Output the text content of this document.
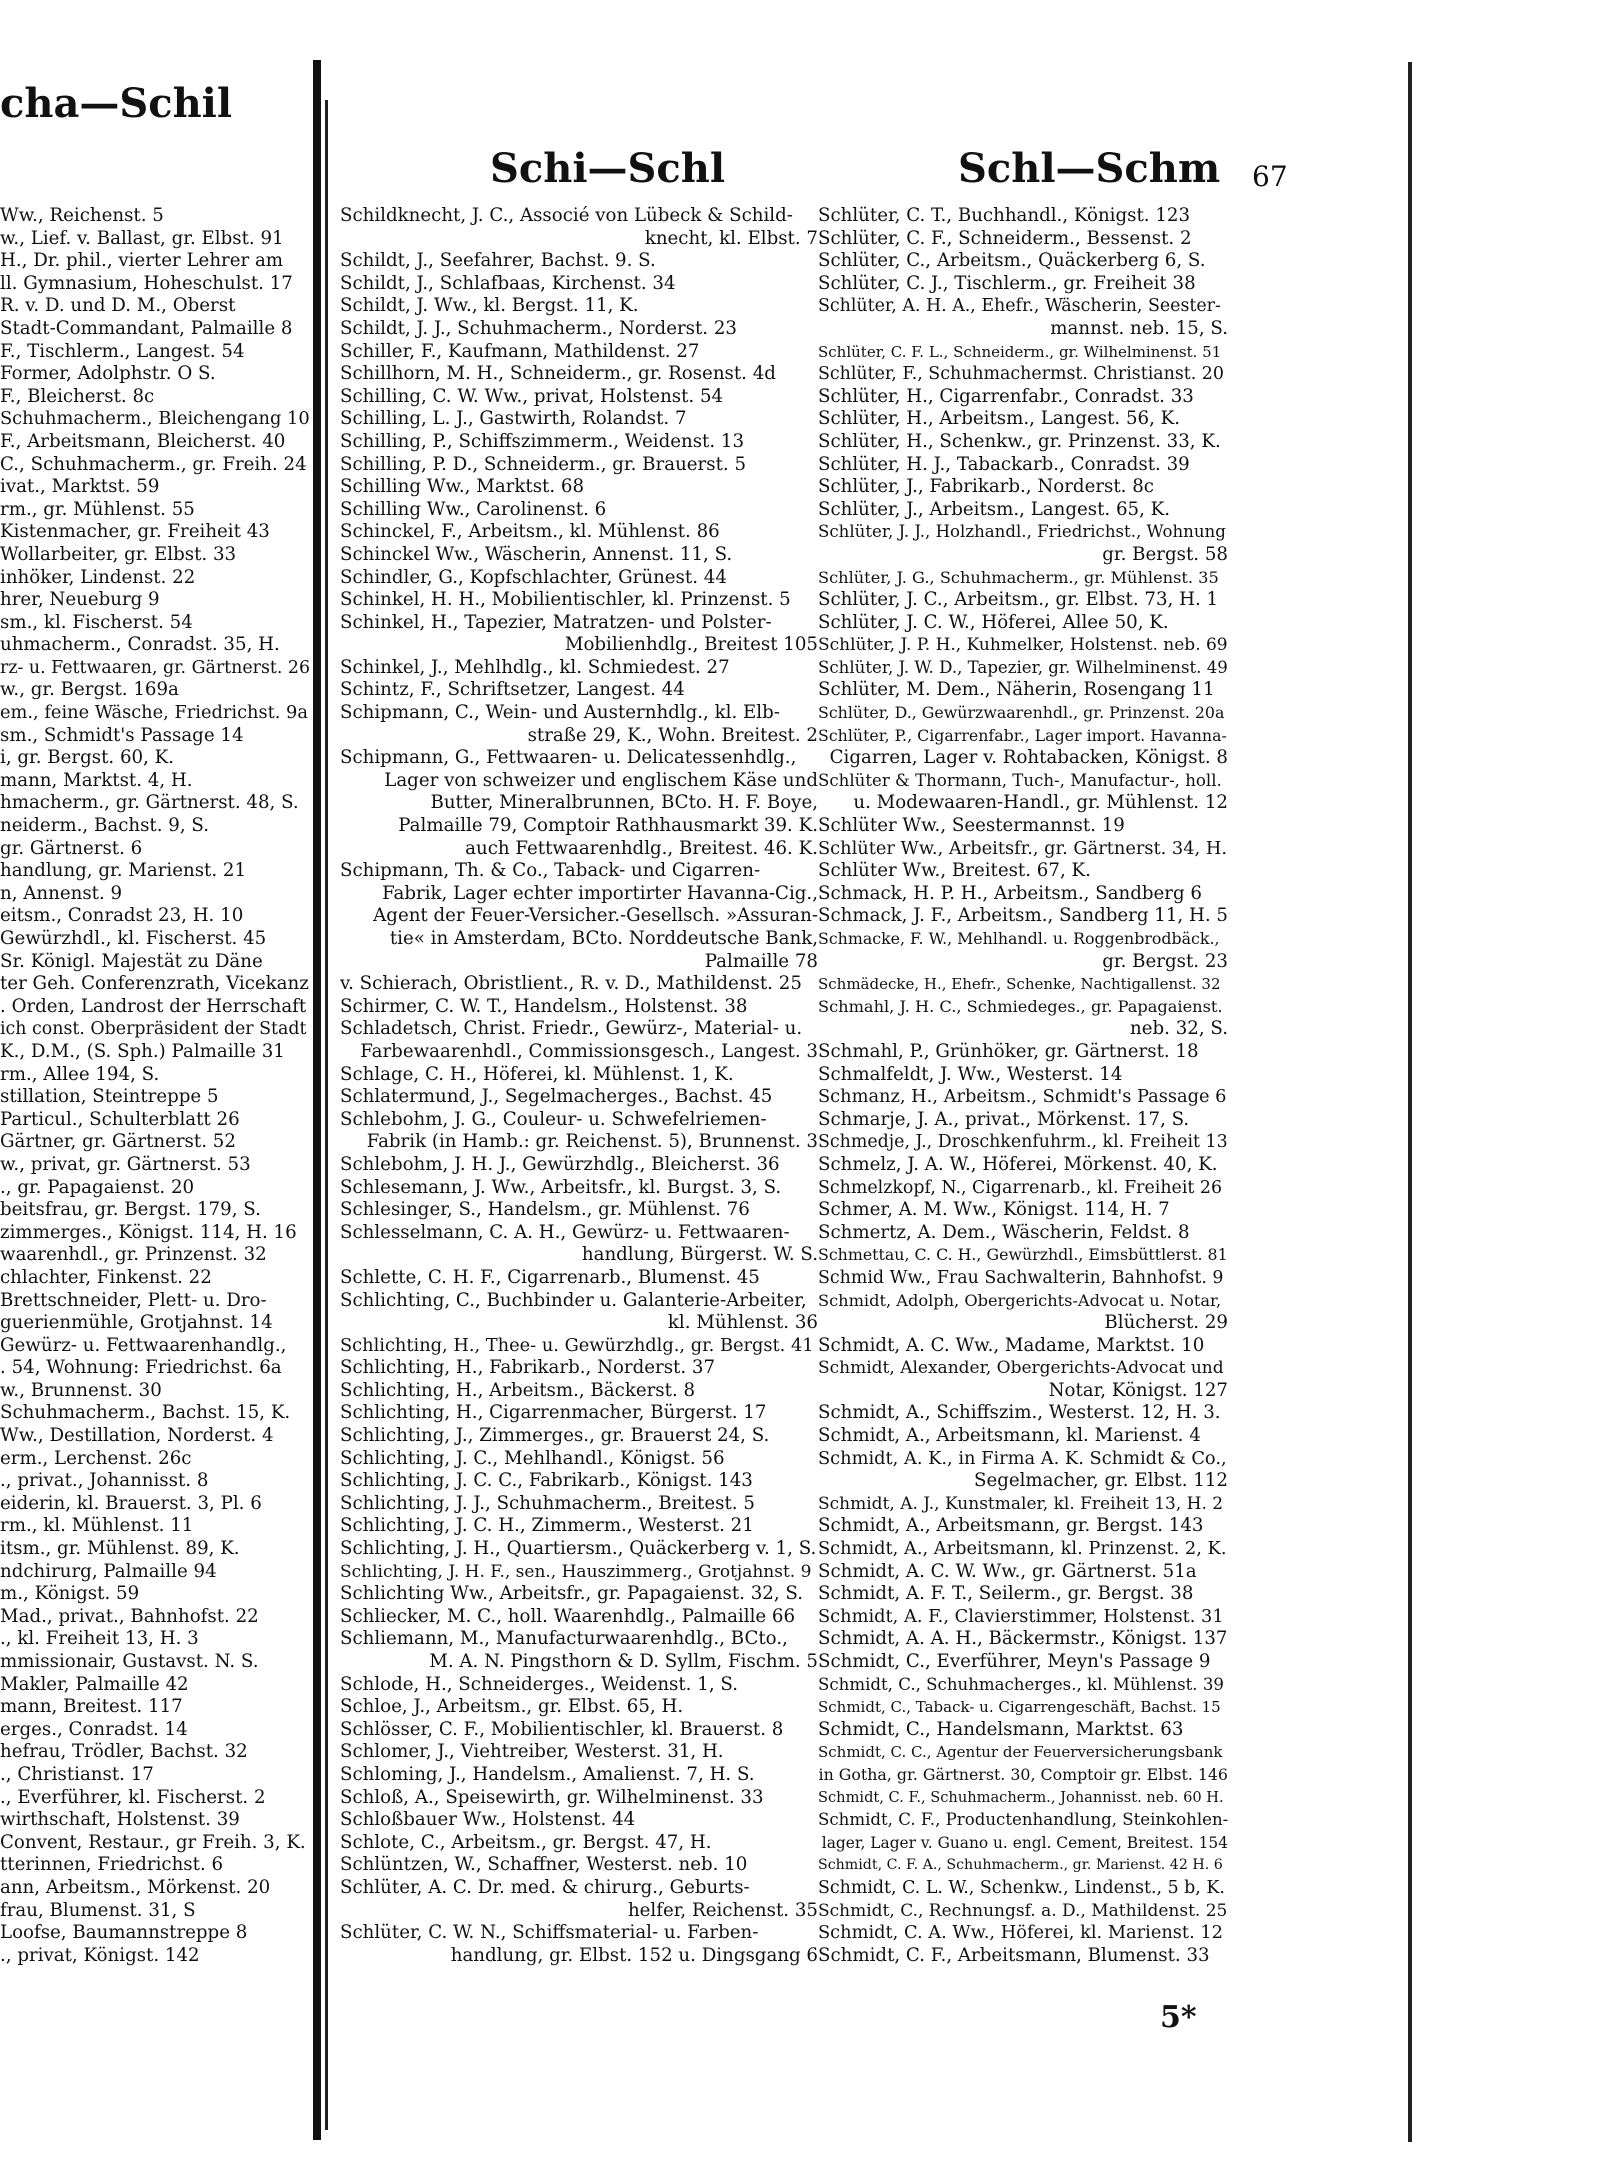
cha—Schil
Ww., Reichenst. 5
w., Lief. v. Ballast, gr. Elbst. 91
H., Dr. phil., vierter Lehrer am
ll. Gymnasium, Hoheschulst. 17
R. v. D. und D. M., Oberst
Stadt-Commandant, Palmaille 8
F., Tischlerm., Langest. 54
Former, Adolphstr. O S.
F., Bleicherst. 8c
Schuhmacherm., Bleichengang 10
F., Arbeitsmann, Bleicherst. 40
C., Schuhmacherm., gr. Freih. 24
ivat., Marktst. 59
rm., gr. Mühlenst. 55
Kistenmacher, gr. Freiheit 43
Wollarbeiter, gr. Elbst. 33
inhöker, Lindenst. 22
hrer, Neueburg 9
sm., kl. Fischerst. 54
uhmacherm., Conradst. 35, H.
rz- u. Fettwaaren, gr. Gärtnerst. 26
w., gr. Bergst. 169a
em., feine Wäsche, Friedrichst. 9a
sm., Schmidt's Passage 14
i, gr. Bergst. 60, K.
mann, Marktst. 4, H.
hmacherm., gr. Gärtnerst. 48, S.
neiderm., Bachst. 9, S.
gr. Gärtnerst. 6
handlung, gr. Marienst. 21
n, Annenst. 9
eitsm., Conradst 23, H. 10
Gewürzhdl., kl. Fischerst. 45
Sr. Königl. Majestät zu Däne
ter Geh. Conferenzrath, Vicekanz
. Orden, Landrost der Herrschaft
ich const. Oberpräsident der Stadt
K., D.M., (S. Sph.) Palmaille 31
rm., Allee 194, S.
stillation, Steintreppe 5
Particul., Schulterblatt 26
Gärtner, gr. Gärtnerst. 52
w., privat, gr. Gärtnerst. 53
., gr. Papagaienst. 20
beitsfrau, gr. Bergst. 179, S.
zimmerges., Königst. 114, H. 16
waarenhdl., gr. Prinzenst. 32
chlachter, Finkenst. 22
Brettschneider, Plett- u. Dro-
guerienmühle, Grotjahnst. 14
Gewürz- u. Fettwaarenhandlg.,
. 54, Wohnung: Friedrichst. 6a
w., Brunnenst. 30
Schuhmacherm., Bachst. 15, K.
Ww., Destillation, Norderst. 4
erm., Lerchenst. 26c
., privat., Johannisst. 8
eiderin, kl. Brauerst. 3, Pl. 6
rm., kl. Mühlenst. 11
itsm., gr. Mühlenst. 89, K.
ndchirurg, Palmaille 94
m., Königst. 59
Mad., privat., Bahnhofst. 22
., kl. Freiheit 13, H. 3
mmissionair, Gustavst. N. S.
Makler, Palmaille 42
mann, Breitest. 117
erges., Conradst. 14
hefrau, Trödler, Bachst. 32
., Christianst. 17
., Everführer, kl. Fischerst. 2
wirthschaft, Holstenst. 39
Convent, Restaur., gr Freih. 3, K.
tterinnen, Friedrichst. 6
ann, Arbeitsm., Mörkenst. 20
frau, Blumenst. 31, S
Loofse, Baumannstreppe 8
., privat, Königst. 142
Schi—Schl	Schl—Schm 67
Schildknecht, J. C., Associé von Lübeck & Schild-
knecht, kl. Elbst. 7
Schildt, J., Seefahrer, Bachst. 9. S.
Schildt, J., Schlafbaas, Kirchenst. 34
Schildt, J. Ww., kl. Bergst. 11, K.
Schildt, J. J., Schuhmacherm., Norderst. 23
Schiller, F., Kaufmann, Mathildenst. 27
Schillhorn, M. H., Schneiderm., gr. Rosenst. 4d
Schilling, C. W. Ww., privat, Holstenst. 54
Schilling, L. J., Gastwirth, Rolandst. 7
Schilling, P., Schiffszimmerm., Weidenst. 13
Schilling, P. D., Schneiderm., gr. Brauerst. 5
Schilling Ww., Marktst. 68
Schilling Ww., Carolinenst. 6
Schinckel, F., Arbeitsm., kl. Mühlenst. 86
Schinckel Ww., Wäscherin, Annenst. 11, S.
Schindler, G., Kopfschlachter, Grünest. 44
Schinkel, H. H., Mobilientischler, kl. Prinzenst. 5
Schinkel, H., Tapezier, Matratzen- und Polster-
Mobilienhdlg., Breitest 105
Schinkel, J., Mehlhdlg., kl. Schmiedest. 27
Schintz, F., Schriftsetzer, Langest. 44
Schipmann, C., Wein- und Austernhdlg., kl. Elb-
straße 29, K., Wohn. Breitest. 2
Schipmann, G., Fettwaaren- u. Delicatessenhdlg.,
Lager von schweizer und englischem Käse und
Butter, Mineralbrunnen, BCto. H. F. Boye,
Palmaille 79, Comptoir Rathhausmarkt 39. K.
auch Fettwaarenhdlg., Breitest. 46. K.
Schipmann, Th. & Co., Taback- und Cigarren-
Fabrik, Lager echter importirter Havanna-Cig.,
Agent der Feuer-Versicher.-Gesellsch. »Assuran-
tie« in Amsterdam, BCto. Norddeutsche Bank,
Palmaille 78
v. Schierach, Obristlient., R. v. D., Mathildenst. 25
Schirmer, C. W. T., Handelsm., Holstenst. 38
Schladetsch, Christ. Friedr., Gewürz-, Material- u.
Farbewaarenhdl., Commissionsgesch., Langest. 3
Schlage, C. H., Höferei, kl. Mühlenst. 1, K.
Schlatermund, J., Segelmacherges., Bachst. 45
Schlebohm, J. G., Couleur- u. Schwefelriemen-
Fabrik (in Hamb.: gr. Reichenst. 5), Brunnenst. 3
Schlebohm, J. H. J., Gewürzhdlg., Bleicherst. 36
Schlesemann, J. Ww., Arbeitsfr., kl. Burgst. 3, S.
Schlesinger, S., Handelsm., gr. Mühlenst. 76
Schlesselmann, C. A. H., Gewürz- u. Fettwaaren-
handlung, Bürgerst. W. S.
Schlette, C. H. F., Cigarrenarb., Blumenst. 45
Schlichting, C., Buchbinder u. Galanterie-Arbeiter,
kl. Mühlenst. 36
Schlichting, H., Thee- u. Gewürzhdlg., gr. Bergst. 41
Schlichting, H., Fabrikarb., Norderst. 37
Schlichting, H., Arbeitsm., Bäckerst. 8
Schlichting, H., Cigarrenmacher, Bürgerst. 17
Schlichting, J., Zimmerges., gr. Brauerst 24, S.
Schlichting, J. C., Mehlhandl., Königst. 56
Schlichting, J. C. C., Fabrikarb., Königst. 143
Schlichting, J. J., Schuhmacherm., Breitest. 5
Schlichting, J. C. H., Zimmerm., Westerst. 21
Schlichting, J. H., Quartiersm., Quäckerberg v. 1, S.
Schlichting, J. H. F., sen., Hauszimmerg., Grotjahnst. 9
Schlichting Ww., Arbeitsfr., gr. Papagaienst. 32, S.
Schliecker, M. C., holl. Waarenhdlg., Palmaille 66
Schliemann, M., Manufacturwaarenhdlg., BCto.,
M. A. N. Pingsthorn & D. Syllm, Fischm. 5
Schlode, H., Schneiderges., Weidenst. 1, S.
Schloe, J., Arbeitsm., gr. Elbst. 65, H.
Schlösser, C. F., Mobilientischler, kl. Brauerst. 8
Schlomer, J., Viehtreiber, Westerst. 31, H.
Schloming, J., Handelsm., Amalienst. 7, H. S.
Schloß, A., Speisewirth, gr. Wilhelminenst. 33
Schloßbauer Ww., Holstenst. 44
Schlote, C., Arbeitsm., gr. Bergst. 47, H.
Schlüntzen, W., Schaffner, Westerst. neb. 10
Schlüter, A. C. Dr. med. & chirurg., Geburts-
helfer, Reichenst. 35
Schlüter, C. W. N., Schiffsmaterial- u. Farben-
handlung, gr. Elbst. 152 u. Dingsgang 6
Schlüter, C. T., Buchhandl., Königst. 123
Schlüter, C. F., Schneiderm., Bessenst. 2
Schlüter, C., Arbeitsm., Quäckerberg 6, S.
Schlüter, C. J., Tischlerm., gr. Freiheit 38
Schlüter, A. H. A., Ehefr., Wäscherin, Seester-
mannst. neb. 15, S.
Schlüter, C. F. L., Schneiderm., gr. Wilhelminenst. 51
Schlüter, F., Schuhmachermst. Christianst. 20
Schlüter, H., Cigarrenfabr., Conradst. 33
Schlüter, H., Arbeitsm., Langest. 56, K.
Schlüter, H., Schenkw., gr. Prinzenst. 33, K.
Schlüter, H. J., Tabackarb., Conradst. 39
Schlüter, J., Fabrikarb., Norderst. 8c
Schlüter, J., Arbeitsm., Langest. 65, K.
Schlüter, J. J., Holzhandl., Friedrichst., Wohnung
gr. Bergst. 58
Schlüter, J. G., Schuhmacherm., gr. Mühlenst. 35
Schlüter, J. C., Arbeitsm., gr. Elbst. 73, H. 1
Schlüter, J. C. W., Höferei, Allee 50, K.
Schlüter, J. P. H., Kuhmelker, Holstenst. neb. 69
Schlüter, J. W. D., Tapezier, gr. Wilhelminenst. 49
Schlüter, M. Dem., Näherin, Rosengang 11
Schlüter, D., Gewürzwaarenhdl., gr. Prinzenst. 20a
Schlüter, P., Cigarrenfabr., Lager import. Havanna-
Cigarren, Lager v. Rohtabacken, Königst. 8
Schlüter & Thormann, Tuch-, Manufactur-, holl.
u. Modewaaren-Handl., gr. Mühlenst. 12
Schlüter Ww., Seestermannst. 19
Schlüter Ww., Arbeitsfr., gr. Gärtnerst. 34, H.
Schlüter Ww., Breitest. 67, K.
Schmack, H. P. H., Arbeitsm., Sandberg 6
Schmack, J. F., Arbeitsm., Sandberg 11, H. 5
Schmacke, F. W., Mehlhandl. u. Roggenbrodbäck.,
gr. Bergst. 23
Schmädecke, H., Ehefr., Schenke, Nachtigallenst. 32
Schmahl, J. H. C., Schmiedeges., gr. Papagaienst.
neb. 32, S.
Schmahl, P., Grünhöker, gr. Gärtnerst. 18
Schmalfeldt, J. Ww., Westerst. 14
Schmanz, H., Arbeitsm., Schmidt's Passage 6
Schmarje, J. A., privat., Mörkenst. 17, S.
Schmedje, J., Droschkenfuhrm., kl. Freiheit 13
Schmelz, J. A. W., Höferei, Mörkenst. 40, K.
Schmelzkopf, N., Cigarrenarb., kl. Freiheit 26
Schmer, A. M. Ww., Königst. 114, H. 7
Schmertz, A. Dem., Wäscherin, Feldst. 8
Schmettau, C. C. H., Gewürzhdl., Eimsbüttlerst. 81
Schmid Ww., Frau Sachwalterin, Bahnhofst. 9
Schmidt, Adolph, Obergerichts-Advocat u. Notar,
Blücherst. 29
Schmidt, A. C. Ww., Madame, Marktst. 10
Schmidt, Alexander, Obergerichts-Advocat und
Notar, Königst. 127
Schmidt, A., Schiffszim., Westerst. 12, H. 3.
Schmidt, A., Arbeitsmann, kl. Marienst. 4
Schmidt, A. K., in Firma A. K. Schmidt & Co.,
Segelmacher, gr. Elbst. 112
Schmidt, A. J., Kunstmaler, kl. Freiheit 13, H. 2
Schmidt, A., Arbeitsmann, gr. Bergst. 143
Schmidt, A., Arbeitsmann, kl. Prinzenst. 2, K.
Schmidt, A. C. W. Ww., gr. Gärtnerst. 51a
Schmidt, A. F. T., Seilerm., gr. Bergst. 38
Schmidt, A. F., Clavierstimmer, Holstenst. 31
Schmidt, A. A. H., Bäckermstr., Königst. 137
Schmidt, C., Everführer, Meyn's Passage 9
Schmidt, C., Schuhmacherges., kl. Mühlenst. 39
Schmidt, C., Taback- u. Cigarrengeschäft, Bachst. 15
Schmidt, C., Handelsmann, Marktst. 63
Schmidt, C. C., Agentur der Feuerversicherungsbank
in Gotha, gr. Gärtnerst. 30, Comptoir gr. Elbst. 146
Schmidt, C. F., Schuhmacherm., Johannisst. neb. 60 H.
Schmidt, C. F., Productenhandlung, Steinkohlen-
lager, Lager v. Guano u. engl. Cement, Breitest. 154
Schmidt, C. F. A., Schuhmacherm., gr. Marienst. 42 H. 6
Schmidt, C. L. W., Schenkw., Lindenst., 5 b, K.
Schmidt, C., Rechnungsf. a. D., Mathildenst. 25
Schmidt, C. A. Ww., Höferei, kl. Marienst. 12
Schmidt, C. F., Arbeitsmann, Blumenst. 33
5*
